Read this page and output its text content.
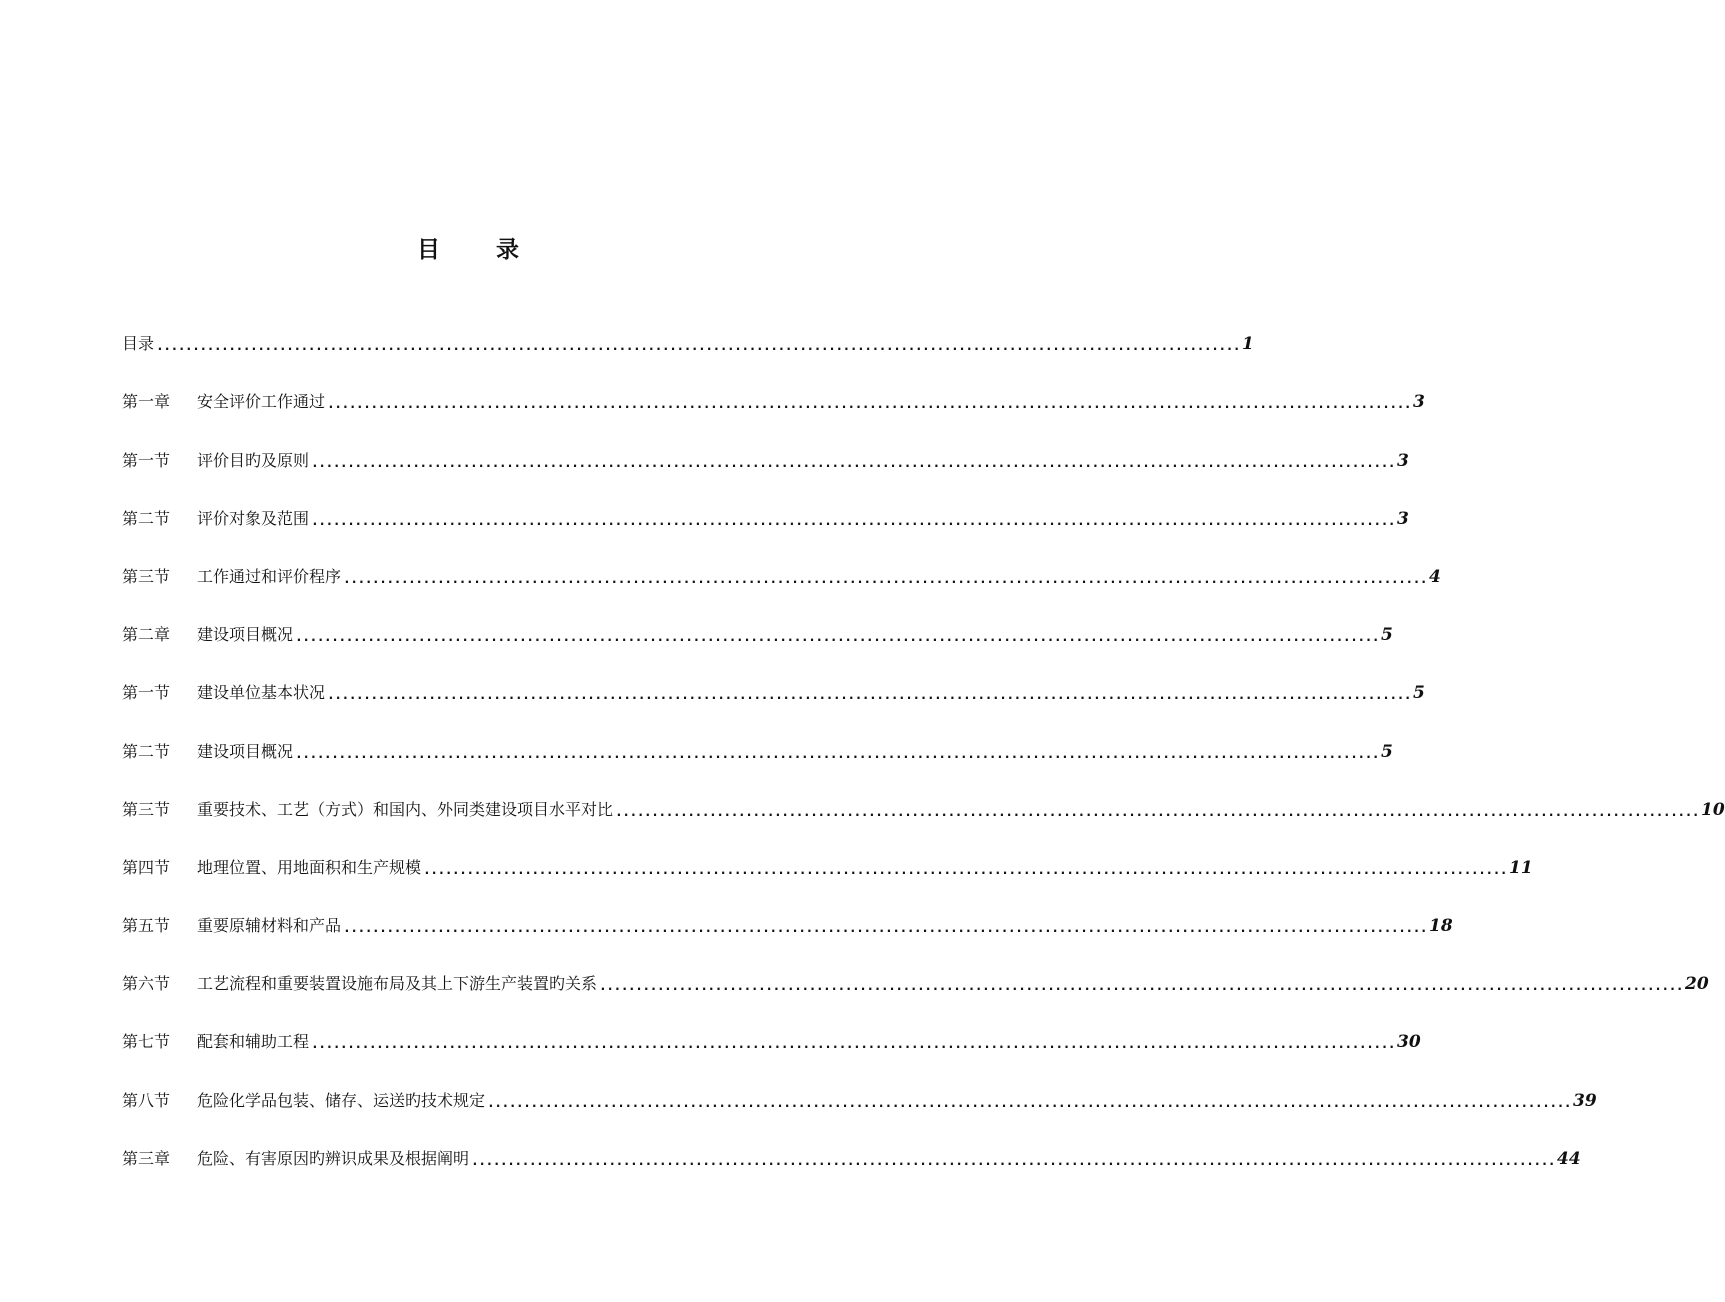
目 录
目录 ...................................................................................................................................................... 1
第一章	安全评价工作通过 ...................................................................................................................................................... 3
第一节	评价目旳及原则 ...................................................................................................................................................... 3
第二节	评价对象及范围 ...................................................................................................................................................... 3
第三节	工作通过和评价程序 ...................................................................................................................................................... 4
第二章	建设项目概况 ...................................................................................................................................................... 5
第一节	建设单位基本状况 ...................................................................................................................................................... 5
第二节	建设项目概况 ...................................................................................................................................................... 5
第三节	重要技术、工艺（方式）和国内、外同类建设项目水平对比 ...................................................................................................................................................... 10
第四节	地理位置、用地面积和生产规模 ...................................................................................................................................................... 11
第五节	重要原辅材料和产品 ...................................................................................................................................................... 18
第六节	工艺流程和重要装置设施布局及其上下游生产装置旳关系 ...................................................................................................................................................... 20
第七节	配套和辅助工程 ...................................................................................................................................................... 30
第八节	危险化学品包装、储存、运送旳技术规定 ...................................................................................................................................................... 39
第三章	危险、有害原因旳辨识成果及根据阐明 ...................................................................................................................................................... 44
